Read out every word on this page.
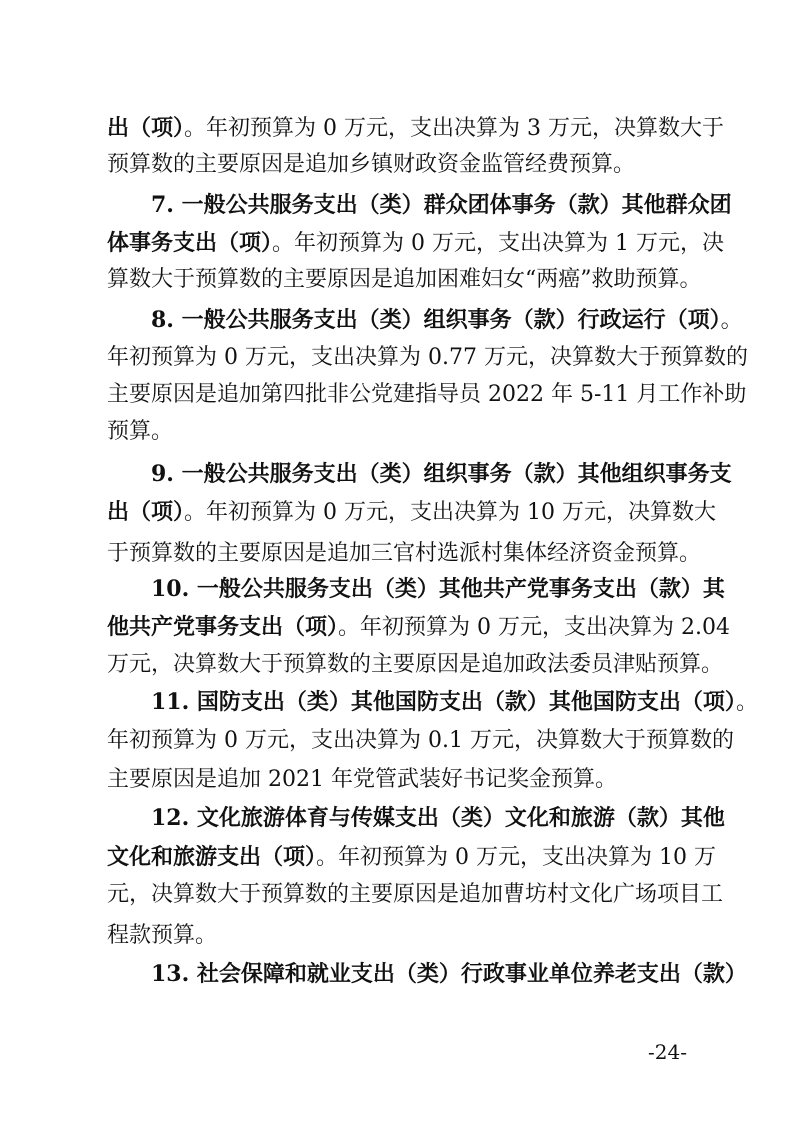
出（项）。年初预算为 0 万元，支出决算为 3 万元，决算数大于
预算数的主要原因是追加乡镇财政资金监管经费预算。
7. 一般公共服务支出（类）群众团体事务（款）其他群众团
体事务支出（项）。年初预算为 0 万元，支出决算为 1 万元，决
算数大于预算数的主要原因是追加困难妇女“两癌”救助预算。
8. 一般公共服务支出（类）组织事务（款）行政运行（项）。
年初预算为 0 万元，支出决算为 0.77 万元，决算数大于预算数的
主要原因是追加第四批非公党建指导员 2022 年 5-11 月工作补助
预算。
9. 一般公共服务支出（类）组织事务（款）其他组织事务支
出（项）。年初预算为 0 万元，支出决算为 10 万元，决算数大
于预算数的主要原因是追加三官村选派村集体经济资金预算。
10. 一般公共服务支出（类）其他共产党事务支出（款）其
他共产党事务支出（项）。年初预算为 0 万元，支出决算为 2.04
万元，决算数大于预算数的主要原因是追加政法委员津贴预算。
11. 国防支出（类）其他国防支出（款）其他国防支出（项）。
年初预算为 0 万元，支出决算为 0.1 万元，决算数大于预算数的
主要原因是追加 2021 年党管武装好书记奖金预算。
12. 文化旅游体育与传媒支出（类）文化和旅游（款）其他
文化和旅游支出（项）。年初预算为 0 万元，支出决算为 10 万
元，决算数大于预算数的主要原因是追加曹坊村文化广场项目工
程款预算。
13. 社会保障和就业支出（类）行政事业单位养老支出（款）
-24-
